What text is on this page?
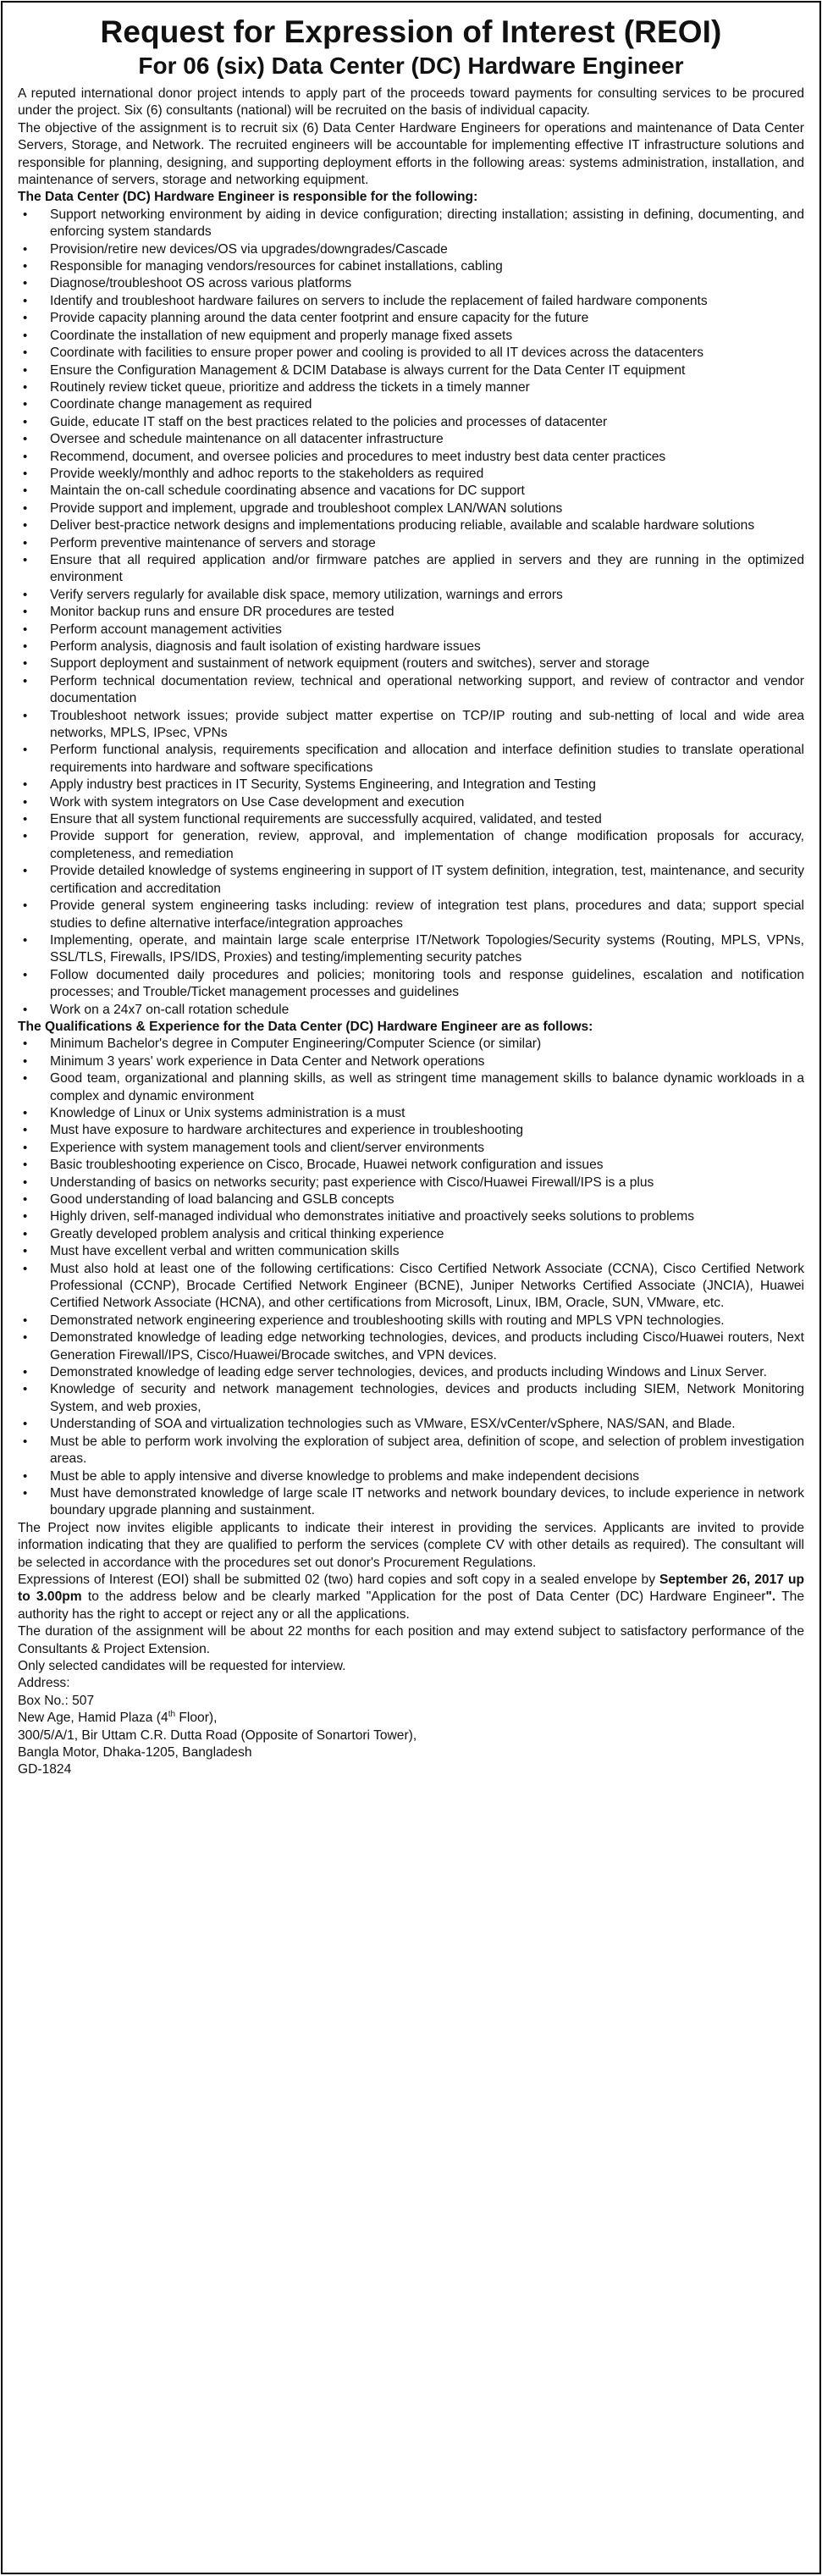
Request for Expression of Interest (REOI)
For 06 (six) Data Center (DC) Hardware Engineer

A reputed international donor project intends to apply part of the proceeds toward payments for consulting services to be procured under the project. Six (6) consultants (national) will be recruited on the basis of individual capacity.

The objective of the assignment is to recruit six (6) Data Center Hardware Engineers for operations and maintenance of Data Center Servers, Storage, and Network. The recruited engineers will be accountable for implementing effective IT infrastructure solutions and responsible for planning, designing, and supporting deployment efforts in the following areas: systems administration, installation, and maintenance of servers, storage and networking equipment.

The Data Center (DC) Hardware Engineer is responsible for the following:

• Support networking environment by aiding in device configuration; directing installation; assisting in defining, documenting, and enforcing system standards
• Provision/retire new devices/OS via upgrades/downgrades/Cascade
• Responsible for managing vendors/resources for cabinet installations, cabling
• Diagnose/troubleshoot OS across various platforms
• Identify and troubleshoot hardware failures on servers to include the replacement of failed hardware components
• Provide capacity planning around the data center footprint and ensure capacity for the future
• Coordinate the installation of new equipment and properly manage fixed assets
• Coordinate with facilities to ensure proper power and cooling is provided to all IT devices across the datacenters
• Ensure the Configuration Management & DCIM Database is always current for the Data Center IT equipment
• Routinely review ticket queue, prioritize and address the tickets in a timely manner
• Coordinate change management as required
• Guide, educate IT staff on the best practices related to the policies and processes of datacenter
• Oversee and schedule maintenance on all datacenter infrastructure
• Recommend, document, and oversee policies and procedures to meet industry best data center practices
• Provide weekly/monthly and adhoc reports to the stakeholders as required
• Maintain the on-call schedule coordinating absence and vacations for DC support
• Provide support and implement, upgrade and troubleshoot complex LAN/WAN solutions
• Deliver best-practice network designs and implementations producing reliable, available and scalable hardware solutions
• Perform preventive maintenance of servers and storage
• Ensure that all required application and/or firmware patches are applied in servers and they are running in the optimized environment
• Verify servers regularly for available disk space, memory utilization, warnings and errors
• Monitor backup runs and ensure DR procedures are tested
• Perform account management activities
• Perform analysis, diagnosis and fault isolation of existing hardware issues
• Support deployment and sustainment of network equipment (routers and switches), server and storage
• Perform technical documentation review, technical and operational networking support, and review of contractor and vendor documentation
• Troubleshoot network issues; provide subject matter expertise on TCP/IP routing and sub-netting of local and wide area networks, MPLS, IPsec, VPNs
• Perform functional analysis, requirements specification and allocation and interface definition studies to translate operational requirements into hardware and software specifications
• Apply industry best practices in IT Security, Systems Engineering, and Integration and Testing
• Work with system integrators on Use Case development and execution
• Ensure that all system functional requirements are successfully acquired, validated, and tested
• Provide support for generation, review, approval, and implementation of change modification proposals for accuracy, completeness, and remediation
• Provide detailed knowledge of systems engineering in support of IT system definition, integration, test, maintenance, and security certification and accreditation
• Provide general system engineering tasks including: review of integration test plans, procedures and data; support special studies to define alternative interface/integration approaches
• Implementing, operate, and maintain large scale enterprise IT/Network Topologies/Security systems (Routing, MPLS, VPNs, SSL/TLS, Firewalls, IPS/IDS, Proxies) and testing/implementing security patches
• Follow documented daily procedures and policies; monitoring tools and response guidelines, escalation and notification processes; and Trouble/Ticket management processes and guidelines
• Work on a 24x7 on-call rotation schedule

The Qualifications & Experience for the Data Center (DC) Hardware Engineer are as follows:

• Minimum Bachelor's degree in Computer Engineering/Computer Science (or similar)
• Minimum 3 years' work experience in Data Center and Network operations
• Good team, organizational and planning skills, as well as stringent time management skills to balance dynamic workloads in a complex and dynamic environment
• Knowledge of Linux or Unix systems administration is a must
• Must have exposure to hardware architectures and experience in troubleshooting
• Experience with system management tools and client/server environments
• Basic troubleshooting experience on Cisco, Brocade, Huawei network configuration and issues
• Understanding of basics on networks security; past experience with Cisco/Huawei Firewall/IPS is a plus
• Good understanding of load balancing and GSLB concepts
• Highly driven, self-managed individual who demonstrates initiative and proactively seeks solutions to problems
• Greatly developed problem analysis and critical thinking experience
• Must have excellent verbal and written communication skills
• Must also hold at least one of the following certifications: Cisco Certified Network Associate (CCNA), Cisco Certified Network Professional (CCNP), Brocade Certified Network Engineer (BCNE), Juniper Networks Certified Associate (JNCIA), Huawei Certified Network Associate (HCNA), and other certifications from Microsoft, Linux, IBM, Oracle, SUN, VMware, etc.
• Demonstrated network engineering experience and troubleshooting skills with routing and MPLS VPN technologies.
• Demonstrated knowledge of leading edge networking technologies, devices, and products including Cisco/Huawei routers, Next Generation Firewall/IPS, Cisco/Huawei/Brocade switches, and VPN devices.
• Demonstrated knowledge of leading edge server technologies, devices, and products including Windows and Linux Server.
• Knowledge of security and network management technologies, devices and products including SIEM, Network Monitoring System, and web proxies,
• Understanding of SOA and virtualization technologies such as VMware, ESX/vCenter/vSphere, NAS/SAN, and Blade.
• Must be able to perform work involving the exploration of subject area, definition of scope, and selection of problem investigation areas.
• Must be able to apply intensive and diverse knowledge to problems and make independent decisions
• Must have demonstrated knowledge of large scale IT networks and network boundary devices, to include experience in network boundary upgrade planning and sustainment.

The Project now invites eligible applicants to indicate their interest in providing the services. Applicants are invited to provide information indicating that they are qualified to perform the services (complete CV with other details as required). The consultant will be selected in accordance with the procedures set out donor's Procurement Regulations.

Expressions of Interest (EOI) shall be submitted 02 (two) hard copies and soft copy in a sealed envelope by September 26, 2017 up to 3.00pm to the address below and be clearly marked "Application for the post of Data Center (DC) Hardware Engineer". The authority has the right to accept or reject any or all the applications.

The duration of the assignment will be about 22 months for each position and may extend subject to satisfactory performance of the Consultants & Project Extension.

Only selected candidates will be requested for interview.

Address:

Box No.: 507

New Age, Hamid Plaza (4th Floor),

300/5/A/1, Bir Uttam C.R. Dutta Road (Opposite of Sonartori Tower),

Bangla Motor, Dhaka-1205, Bangladesh

GD-1824
